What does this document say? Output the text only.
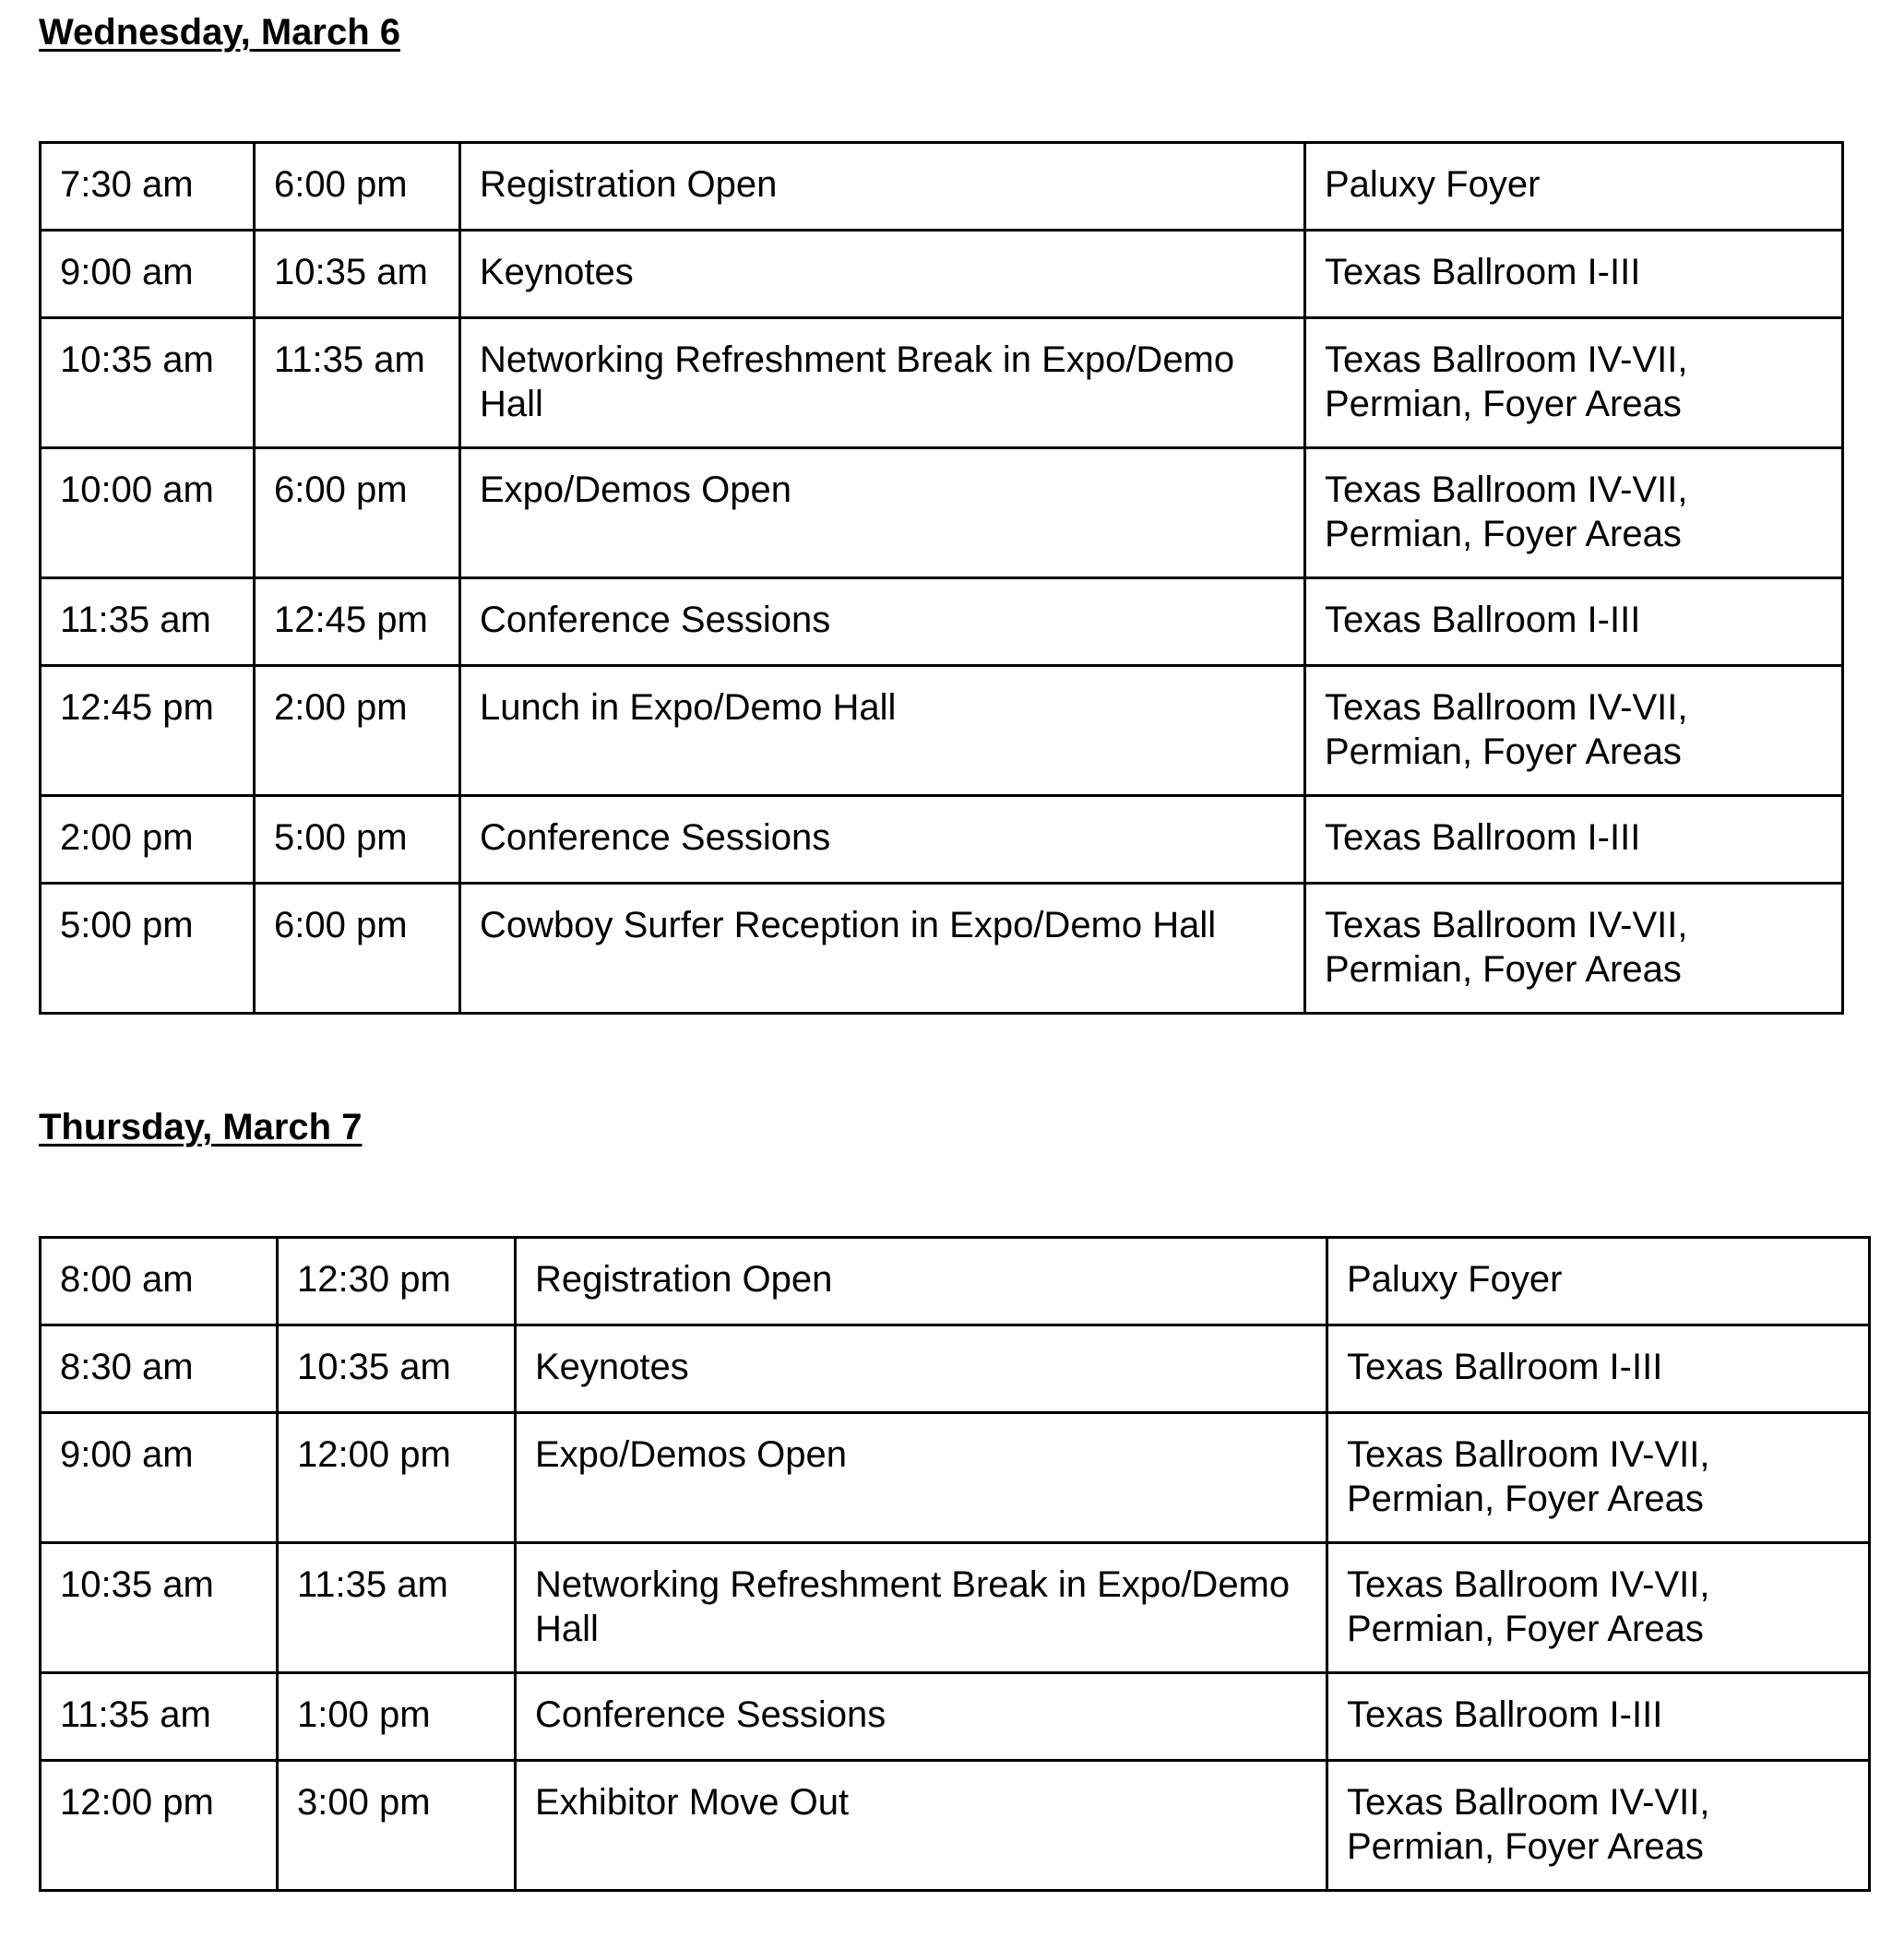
Wednesday, March 6
7:30 am	6:00 pm	Registration Open	Paluxy Foyer
9:00 am	10:35 am	Keynotes	Texas Ballroom I-III
10:35 am	11:35 am	Networking Refreshment Break in Expo/Demo Hall	Texas Ballroom IV-VII, Permian, Foyer Areas
10:00 am	6:00 pm	Expo/Demos Open	Texas Ballroom IV-VII, Permian, Foyer Areas
11:35 am	12:45 pm	Conference Sessions	Texas Ballroom I-III
12:45 pm	2:00 pm	Lunch in Expo/Demo Hall	Texas Ballroom IV-VII, Permian, Foyer Areas
2:00 pm	5:00 pm	Conference Sessions	Texas Ballroom I-III
5:00 pm	6:00 pm	Cowboy Surfer Reception in Expo/Demo Hall	Texas Ballroom IV-VII, Permian, Foyer Areas
Thursday, March 7
8:00 am	12:30 pm	Registration Open	Paluxy Foyer
8:30 am	10:35 am	Keynotes	Texas Ballroom I-III
9:00 am	12:00 pm	Expo/Demos Open	Texas Ballroom IV-VII, Permian, Foyer Areas
10:35 am	11:35 am	Networking Refreshment Break in Expo/Demo Hall	Texas Ballroom IV-VII, Permian, Foyer Areas
11:35 am	1:00 pm	Conference Sessions	Texas Ballroom I-III
12:00 pm	3:00 pm	Exhibitor Move Out	Texas Ballroom IV-VII, Permian, Foyer Areas
